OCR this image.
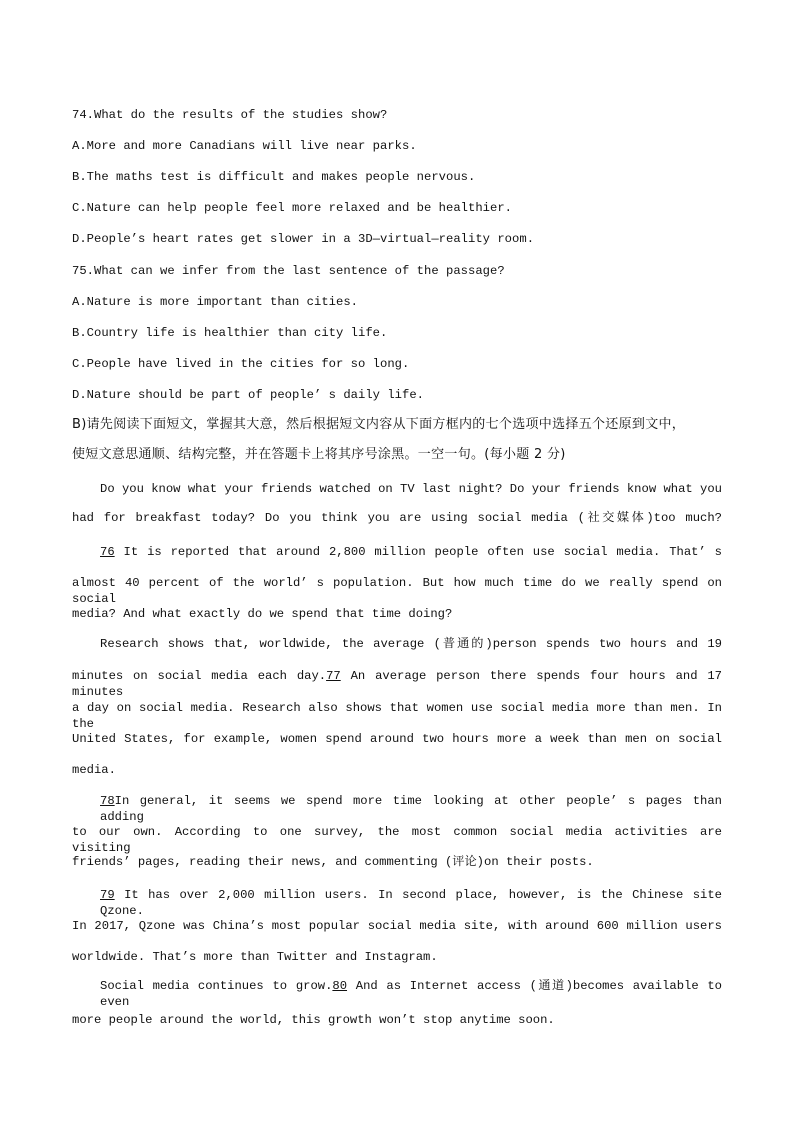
74.What do the results of the studies show?
A.More and more Canadians will live near parks.
B.The maths test is difficult and makes people nervous.
C.Nature can help people feel more relaxed and be healthier.
D.People’s heart rates get slower in a 3D—virtual—reality room.
75.What can we infer from the last sentence of the passage?
A.Nature is more important than cities.
B.Country life is healthier than city life.
C.People have lived in the cities for so long.
D.Nature should be part of people’ s daily life.
B)请先阅读下面短文，掌握其大意，然后根据短文内容从下面方框内的七个选项中选择五个还原到文中，
使短文意思通顺、结构完整，并在答题卡上将其序号涂黑。一空一句。(每小题 2 分)
Do you know what your friends watched on TV last night? Do your friends know what you
had for breakfast today? Do you think you are using social media (社交媒体)too much?
76 It is reported that around 2,800 million people often use social media. That’ s
almost 40 percent of the world’ s population. But how much time do we really spend on social
media? And what exactly do we spend that time doing?
Research shows that, worldwide, the average (普通的)person spends two hours and 19
minutes on social media each day.77 An average person there spends four hours and 17 minutes
a day on social media. Research also shows that women use social media more than men. In the
United States, for example, women spend around two hours more a week than men on social
media.
78In general, it seems we spend more time looking at other people’ s pages than adding
to our own. According to one survey, the most common social media activities are visiting
friends’ pages, reading their news, and commenting (评论)on their posts.
79 It has over 2,000 million users. In second place, however, is the Chinese site Qzone.
In 2017, Qzone was China’s most popular social media site, with around 600 million users
worldwide. That’s more than Twitter and Instagram.
Social media continues to grow.80 And as Internet access (通道)becomes available to even
more people around the world, this growth won’t stop anytime soon.
